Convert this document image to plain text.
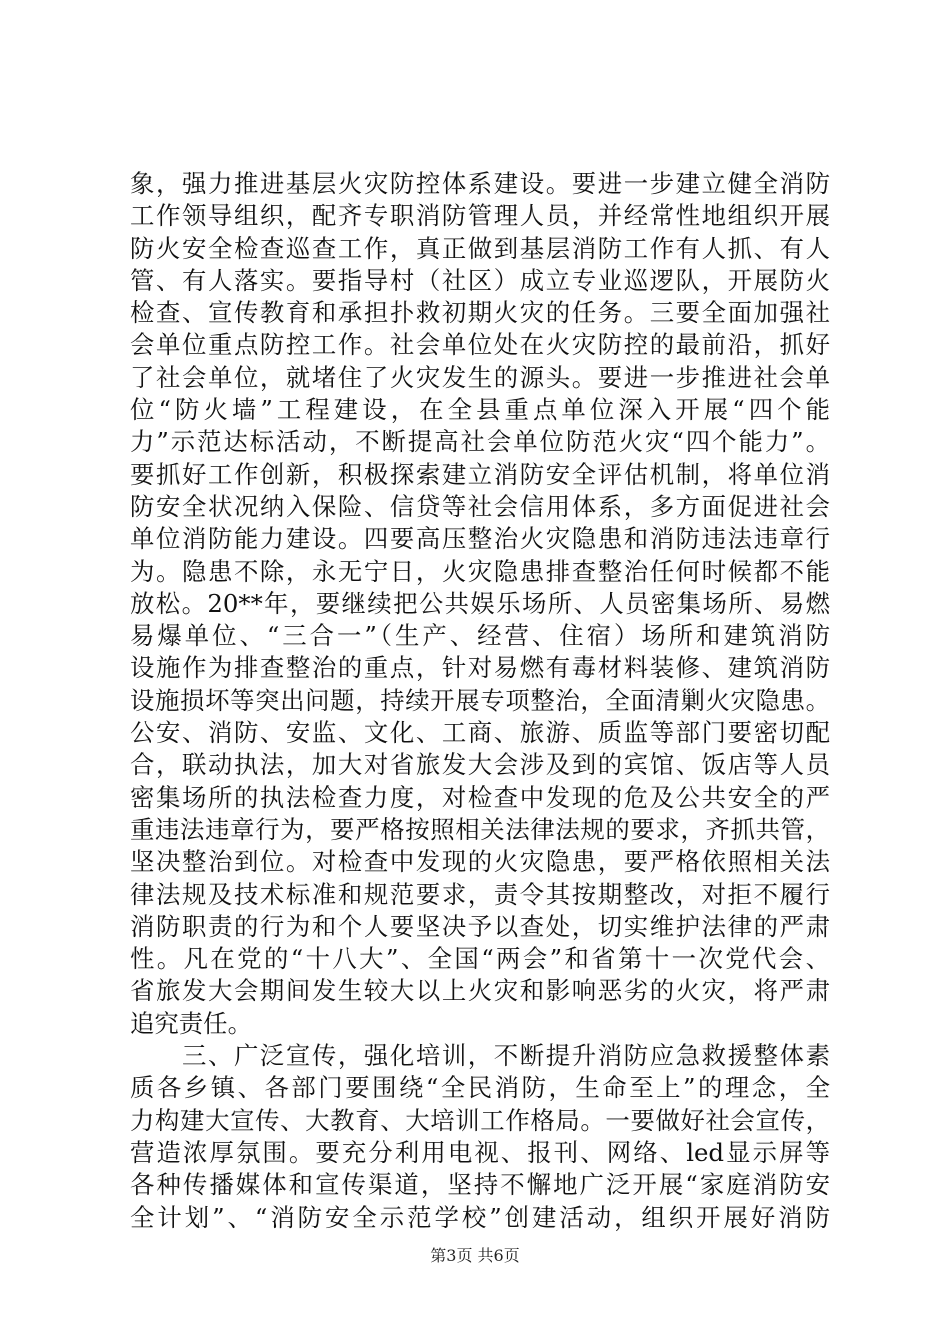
象，强力推进基层火灾防控体系建设。要进一步建立健全消防
工作领导组织，配齐专职消防管理人员，并经常性地组织开展
防火安全检查巡查工作，真正做到基层消防工作有人抓、有人
管、有人落实。要指导村（社区）成立专业巡逻队，开展防火
检查、宣传教育和承担扑救初期火灾的任务。三要全面加强社
会单位重点防控工作。社会单位处在火灾防控的最前沿，抓好
了社会单位，就堵住了火灾发生的源头。要进一步推进社会单
位“防火墙”工程建设，在全县重点单位深入开展“四个能
力”示范达标活动，不断提高社会单位防范火灾“四个能力”。
要抓好工作创新，积极探索建立消防安全评估机制，将单位消
防安全状况纳入保险、信贷等社会信用体系，多方面促进社会
单位消防能力建设。四要高压整治火灾隐患和消防违法违章行
为。隐患不除，永无宁日，火灾隐患排查整治任何时候都不能
放松。20**年，要继续把公共娱乐场所、人员密集场所、易燃
易爆单位、“三合一”（生产、经营、住宿）场所和建筑消防
设施作为排查整治的重点，针对易燃有毒材料装修、建筑消防
设施损坏等突出问题，持续开展专项整治，全面清剿火灾隐患。
公安、消防、安监、文化、工商、旅游、质监等部门要密切配
合，联动执法，加大对省旅发大会涉及到的宾馆、饭店等人员
密集场所的执法检查力度，对检查中发现的危及公共安全的严
重违法违章行为，要严格按照相关法律法规的要求，齐抓共管，
坚决整治到位。对检查中发现的火灾隐患，要严格依照相关法
律法规及技术标准和规范要求，责令其按期整改，对拒不履行
消防职责的行为和个人要坚决予以查处，切实维护法律的严肃
性。凡在党的“十八大”、全国“两会”和省第十一次党代会、
省旅发大会期间发生较大以上火灾和影响恶劣的火灾，将严肃
追究责任。
　　三、广泛宣传，强化培训，不断提升消防应急救援整体素
质各乡镇、各部门要围绕“全民消防，生命至上”的理念，全
力构建大宣传、大教育、大培训工作格局。一要做好社会宣传，
营造浓厚氛围。要充分利用电视、报刊、网络、led显示屏等
各种传播媒体和宣传渠道，坚持不懈地广泛开展“家庭消防安
全计划”、“消防安全示范学校”创建活动，组织开展好消防
第3页 共6页
